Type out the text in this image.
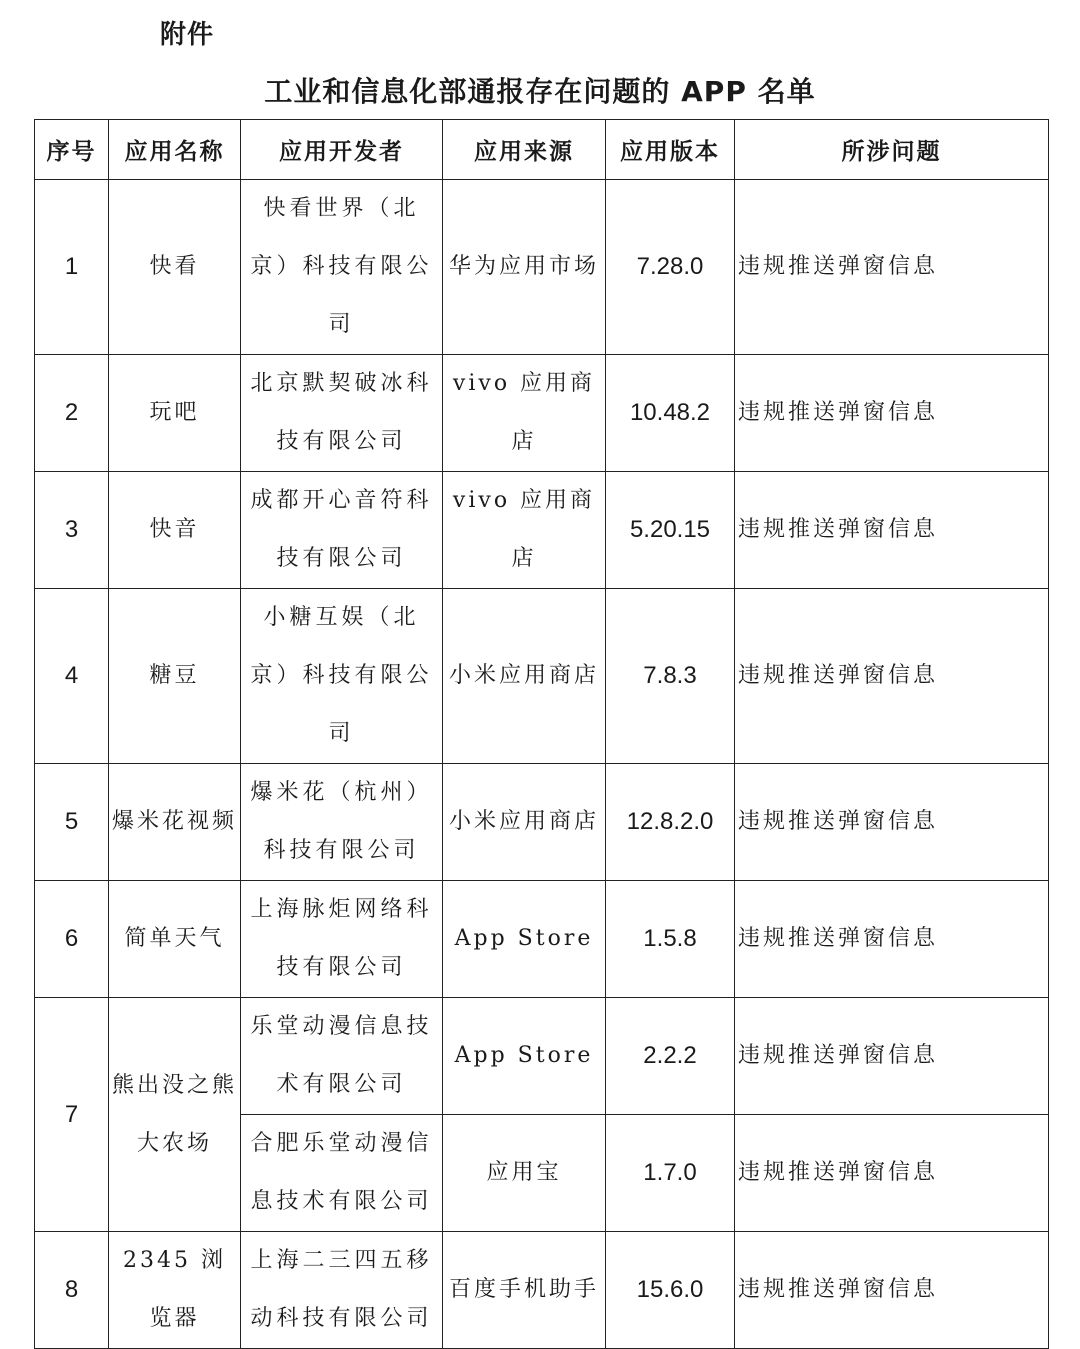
附件
工业和信息化部通报存在问题的 APP 名单
序号	应用名称	应用开发者	应用来源	应用版本	所涉问题
1	快看	快看世界（北京）科技有限公司	华为应用市场	7.28.0	违规推送弹窗信息
2	玩吧	北京默契破冰科技有限公司	vivo 应用商店	10.48.2	违规推送弹窗信息
3	快音	成都开心音符科技有限公司	vivo 应用商店	5.20.15	违规推送弹窗信息
4	糖豆	小糖互娱（北京）科技有限公司	小米应用商店	7.8.3	违规推送弹窗信息
5	爆米花视频	爆米花（杭州）科技有限公司	小米应用商店	12.8.2.0	违规推送弹窗信息
6	简单天气	上海脉炬网络科技有限公司	App Store	1.5.8	违规推送弹窗信息
7	熊出没之熊大农场	乐堂动漫信息技术有限公司	App Store	2.2.2	违规推送弹窗信息
		合肥乐堂动漫信息技术有限公司	应用宝	1.7.0	违规推送弹窗信息
8	2345 浏览器	上海二三四五移动科技有限公司	百度手机助手	15.6.0	违规推送弹窗信息
